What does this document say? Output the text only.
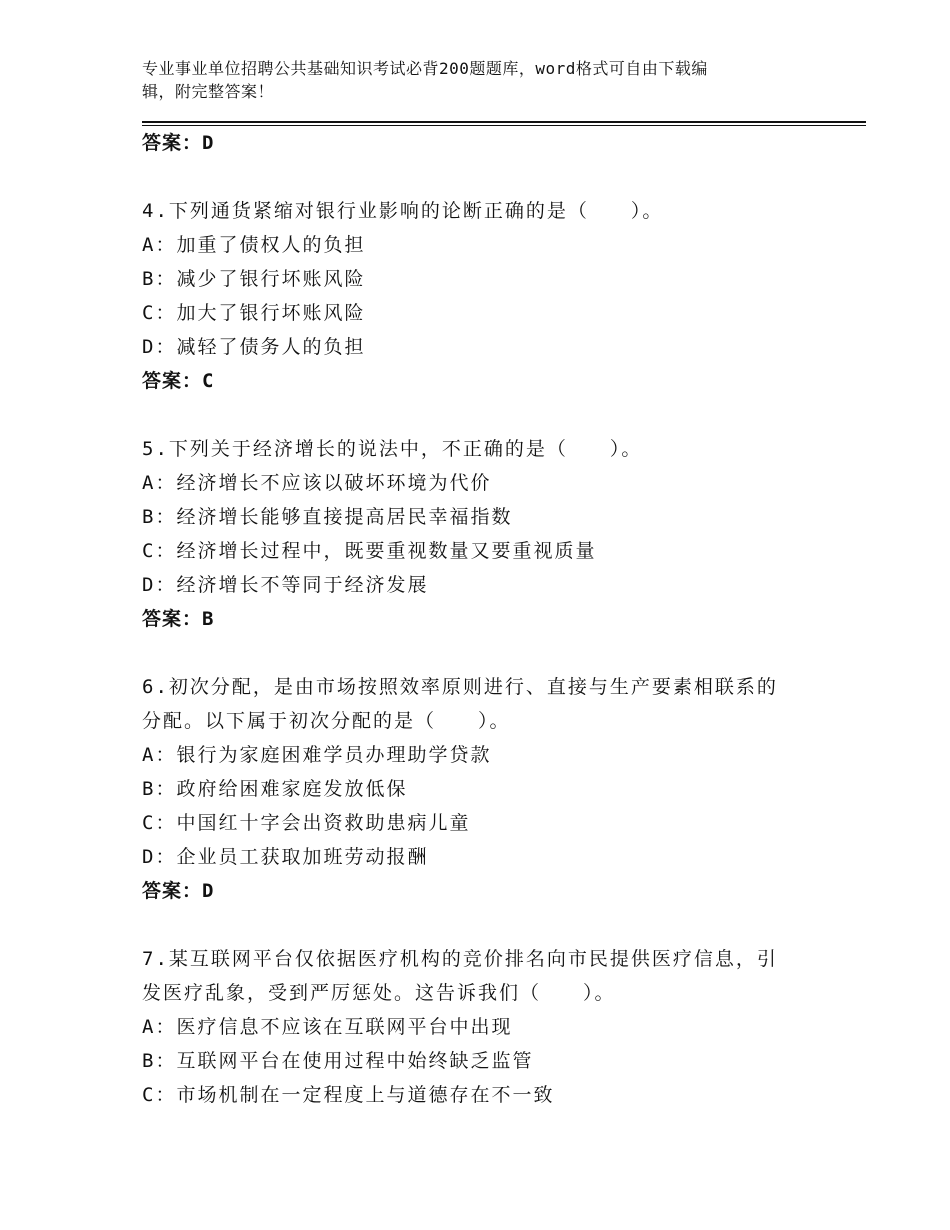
专业事业单位招聘公共基础知识考试必背200题题库，word格式可自由下载编
辑，附完整答案！
答案：D
4.下列通货紧缩对银行业影响的论断正确的是（　　）。
A：加重了债权人的负担
B：减少了银行坏账风险
C：加大了银行坏账风险
D：减轻了债务人的负担
答案：C
5.下列关于经济增长的说法中，不正确的是（　　）。
A：经济增长不应该以破坏环境为代价
B：经济增长能够直接提高居民幸福指数
C：经济增长过程中，既要重视数量又要重视质量
D：经济增长不等同于经济发展
答案：B
6.初次分配，是由市场按照效率原则进行、直接与生产要素相联系的
分配。以下属于初次分配的是（　　）。
A：银行为家庭困难学员办理助学贷款
B：政府给困难家庭发放低保
C：中国红十字会出资救助患病儿童
D：企业员工获取加班劳动报酬
答案：D
7.某互联网平台仅依据医疗机构的竞价排名向市民提供医疗信息，引
发医疗乱象，受到严厉惩处。这告诉我们（　　）。
A：医疗信息不应该在互联网平台中出现
B：互联网平台在使用过程中始终缺乏监管
C：市场机制在一定程度上与道德存在不一致
